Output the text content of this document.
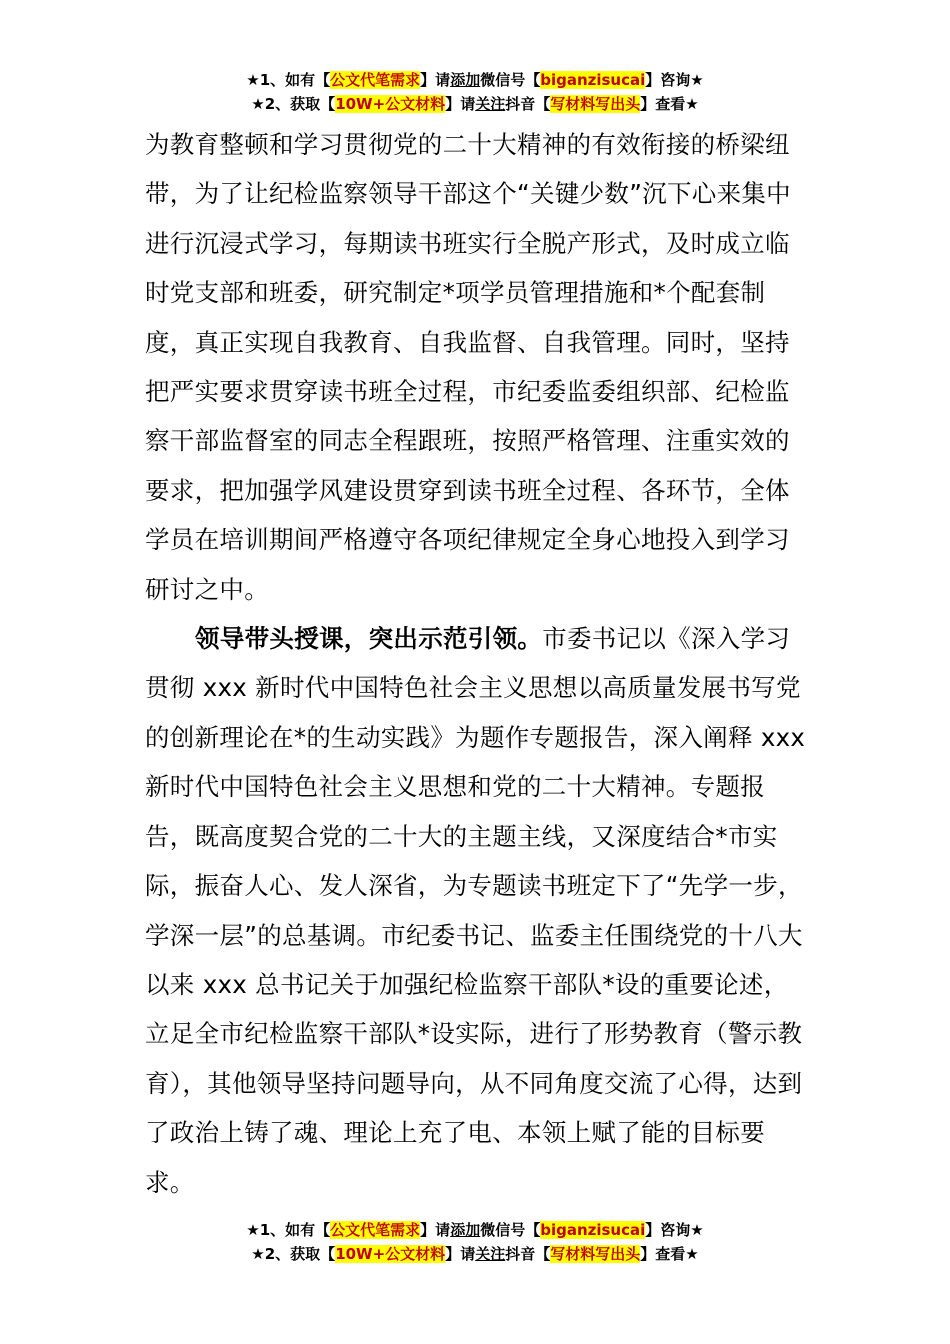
★1、如有【公文代笔需求】请添加微信号【biganzisucai】咨询★
★2、获取【10W+公文材料】请关注抖音【写材料写出头】查看★

为教育整顿和学习贯彻党的二十大精神的有效衔接的桥梁纽带，为了让纪检监察领导干部这个“关键少数”沉下心来集中进行沉浸式学习，每期读书班实行全脱产形式，及时成立临时党支部和班委，研究制定*项学员管理措施和*个配套制度，真正实现自我教育、自我监督、自我管理。同时，坚持把严实要求贯穿读书班全过程，市纪委监委组织部、纪检监察干部监督室的同志全程跟班，按照严格管理、注重实效的要求，把加强学风建设贯穿到读书班全过程、各环节，全体学员在培训期间严格遵守各项纪律规定全身心地投入到学习研讨之中。

领导带头授课，突出示范引领。市委书记以《深入学习贯彻 xxx 新时代中国特色社会主义思想以高质量发展书写党的创新理论在*的生动实践》为题作专题报告，深入阐释 xxx 新时代中国特色社会主义思想和党的二十大精神。专题报告，既高度契合党的二十大的主题主线，又深度结合*市实际，振奋人心、发人深省，为专题读书班定下了“先学一步，学深一层”的总基调。市纪委书记、监委主任围绕党的十八大以来 xxx 总书记关于加强纪检监察干部队*设的重要论述，立足全市纪检监察干部队*设实际，进行了形势教育（警示教育），其他领导坚持问题导向，从不同角度交流了心得，达到了政治上铸了魂、理论上充了电、本领上赋了能的目标要求。

★1、如有【公文代笔需求】请添加微信号【biganzisucai】咨询★
★2、获取【10W+公文材料】请关注抖音【写材料写出头】查看★
